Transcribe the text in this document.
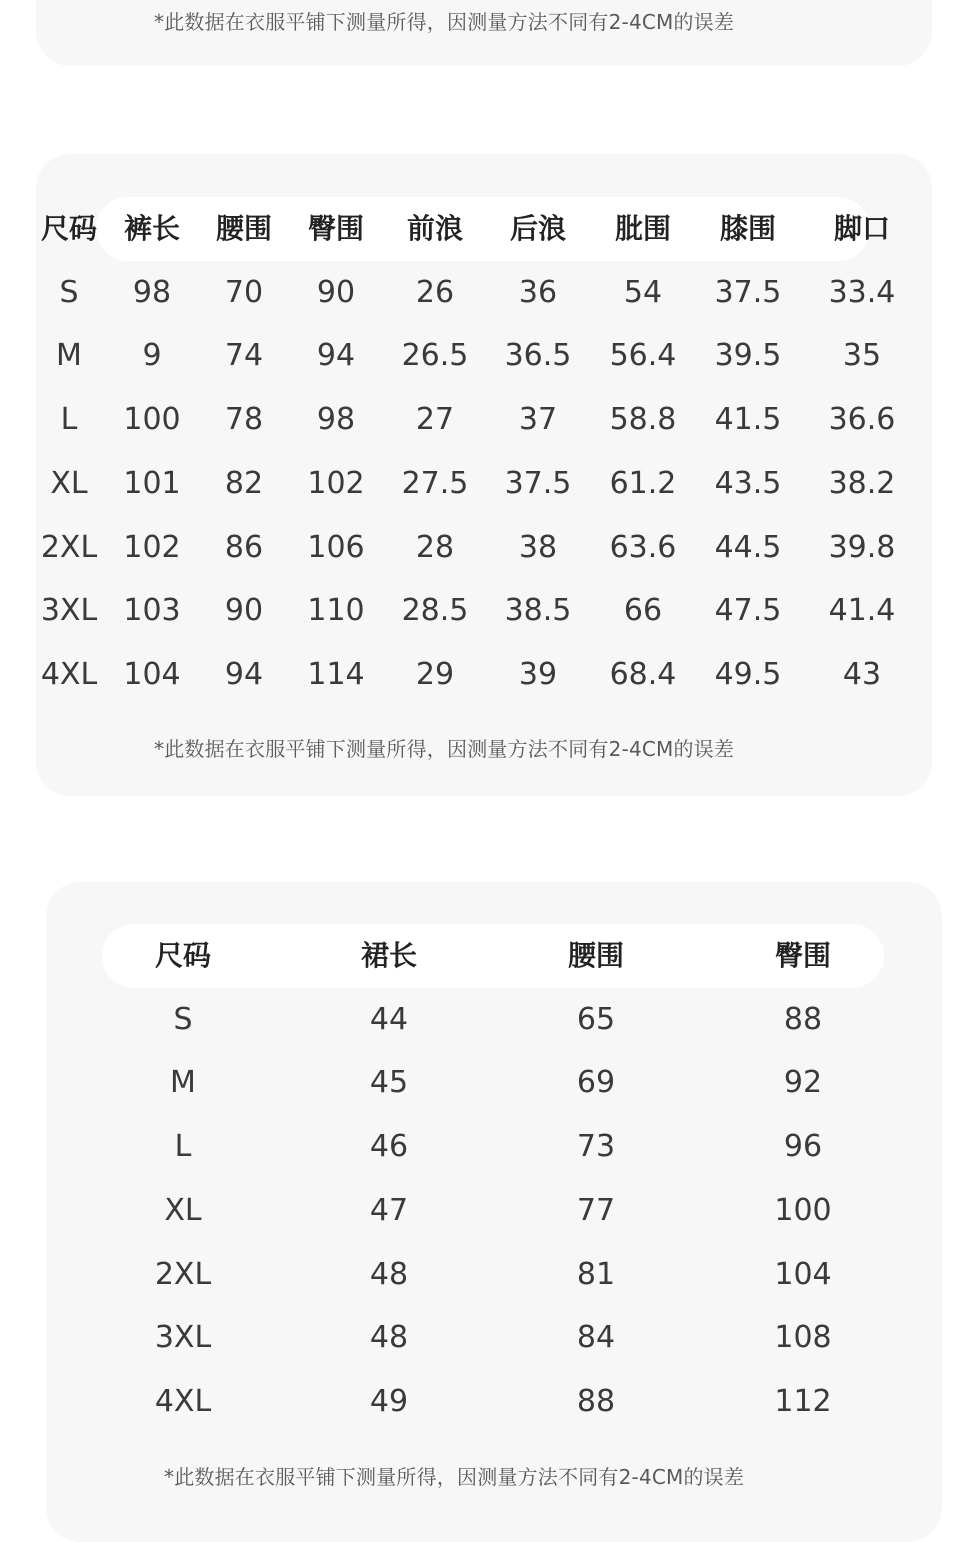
*此数据在衣服平铺下测量所得，因测量方法不同有2-4CM的误差
尺码 裤长	腰围	臀围	前浪	后浪	肶围	膝围	脚口
S	98	70	90	26	36	54	37.5	33.4
M	9	74	94	26.5	36.5	56.4	39.5	35
L	100	78	98	27	37	58.8	41.5	36.6
XL	101	82	102	27.5	37.5	61.2	43.5	38.2
2XL 102	86	106	28	38	63.6	44.5	39.8
3XL 103	90	110	28.5	38.5	66	47.5	41.4
4XL 104	94	114	29	39	68.4	49.5	43
*此数据在衣服平铺下测量所得，因测量方法不同有2-4CM的误差
尺码	裙长	腰围	臀围
S	44	65	88
M	45	69	92
L	46	73	96
XL	47	77	100
2XL	48	81	104
3XL	48	84	108
4XL	49	88	112
*此数据在衣服平铺下测量所得，因测量方法不同有2-4CM的误差
